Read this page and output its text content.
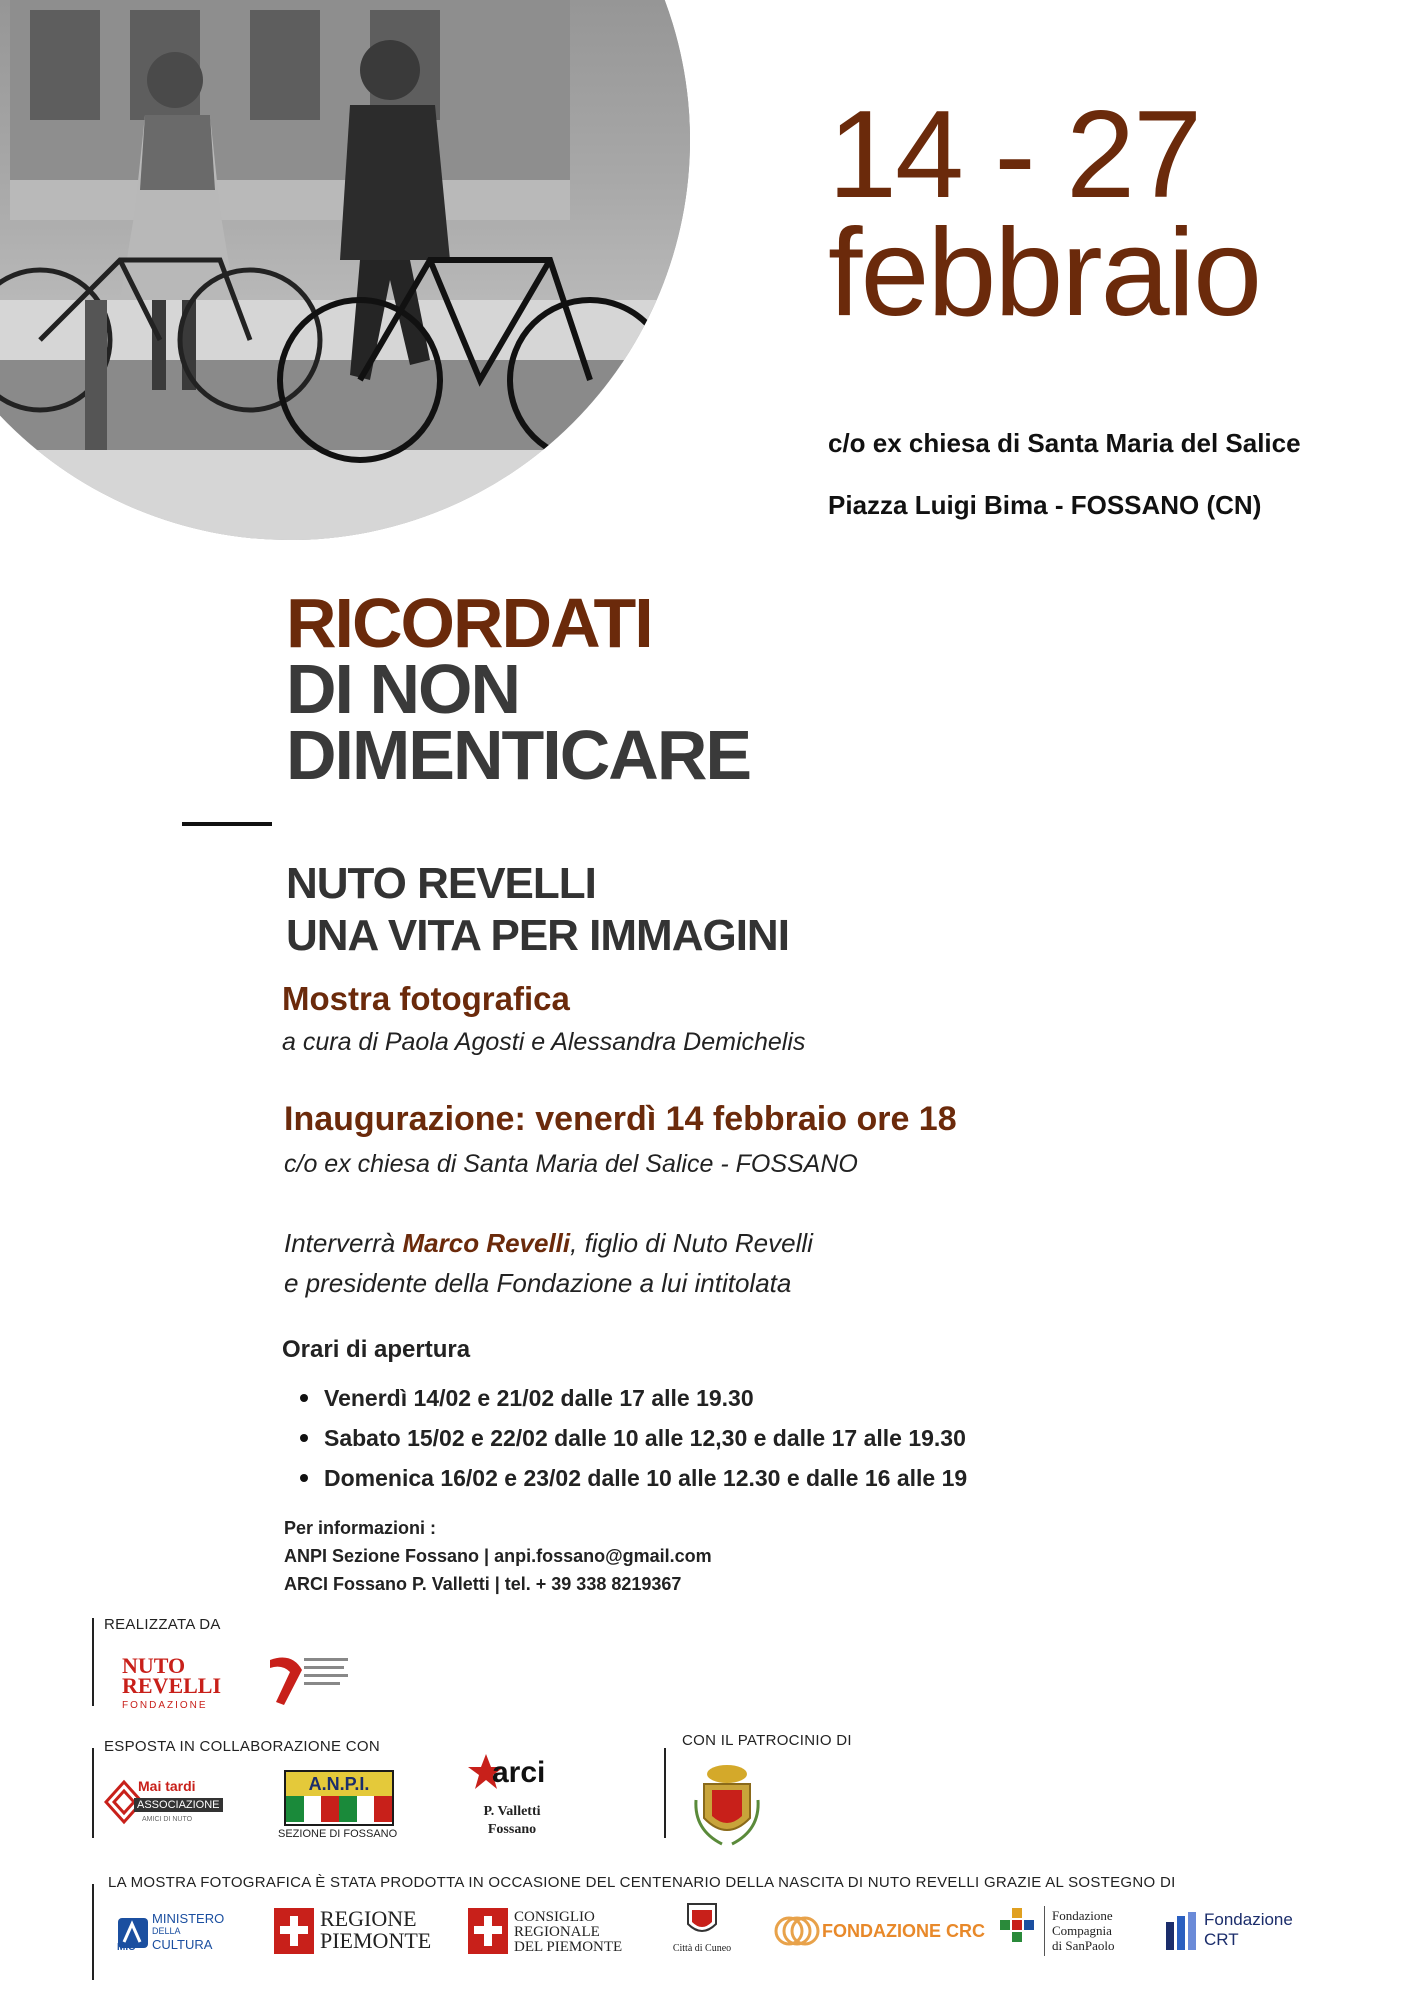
14 - 27
febbraio
c/o ex chiesa di Santa Maria del Salice
Piazza Luigi Bima - FOSSANO (CN)
RICORDATI
DI NON
DIMENTICARE
NUTO REVELLI
UNA VITA PER IMMAGINI
Mostra fotografica
a cura di Paola Agosti e Alessandra Demichelis
Inaugurazione: venerdì 14 febbraio ore 18
c/o ex chiesa di Santa Maria del Salice - FOSSANO
Interverrà Marco Revelli, figlio di Nuto Revelli
e presidente della Fondazione a lui intitolata
Orari di apertura
Venerdì 14/02 e 21/02 dalle 17 alle 19.30
Sabato 15/02 e 22/02 dalle 10 alle 12,30 e dalle 17 alle 19.30
Domenica 16/02 e 23/02 dalle 10 alle 12.30 e dalle 16 alle 19
Per informazioni :
ANPI Sezione Fossano | anpi.fossano@gmail.com
ARCI Fossano P. Valletti | tel. + 39 338 8219367
REALIZZATA DA
NUTO
REVELLI
FONDAZIONE
ESPOSTA IN COLLABORAZIONE CON
Mai tardi
ASSOCIAZIONE
AMICI DI NUTO
A.N.P.I.
SEZIONE DI FOSSANO
arci
P. Valletti
Fossano
CON IL PATROCINIO DI
LA MOSTRA FOTOGRAFICA È STATA PRODOTTA IN OCCASIONE DEL CENTENARIO DELLA NASCITA DI NUTO REVELLI GRAZIE AL SOSTEGNO DI
MiC
MINISTERO
DELLA
CULTURA
REGIONE
PIEMONTE
CONSIGLIO
REGIONALE
DEL PIEMONTE	Città di Cuneo
FONDAZIONE CRC
Fondazione
Compagnia
di SanPaolo
Fondazione
CRT
